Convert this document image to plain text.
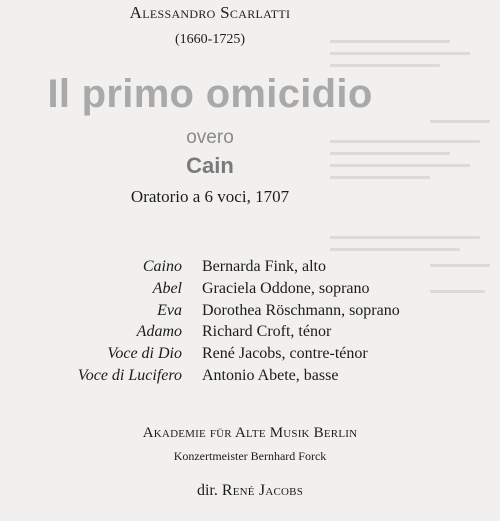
Alessandro Scarlatti
(1660-1725)
Il primo omicidio
overo
Cain
Oratorio a 6 voci, 1707
Caino Bernarda Fink, alto
Abel Graciela Oddone, soprano
Eva Dorothea Röschmann, soprano
Adamo Richard Croft, ténor
Voce di Dio René Jacobs, contre-ténor
Voce di Lucifero Antonio Abete, basse
Akademie für Alte Musik Berlin
Konzertmeister Bernhard Forck
dir. René Jacobs
